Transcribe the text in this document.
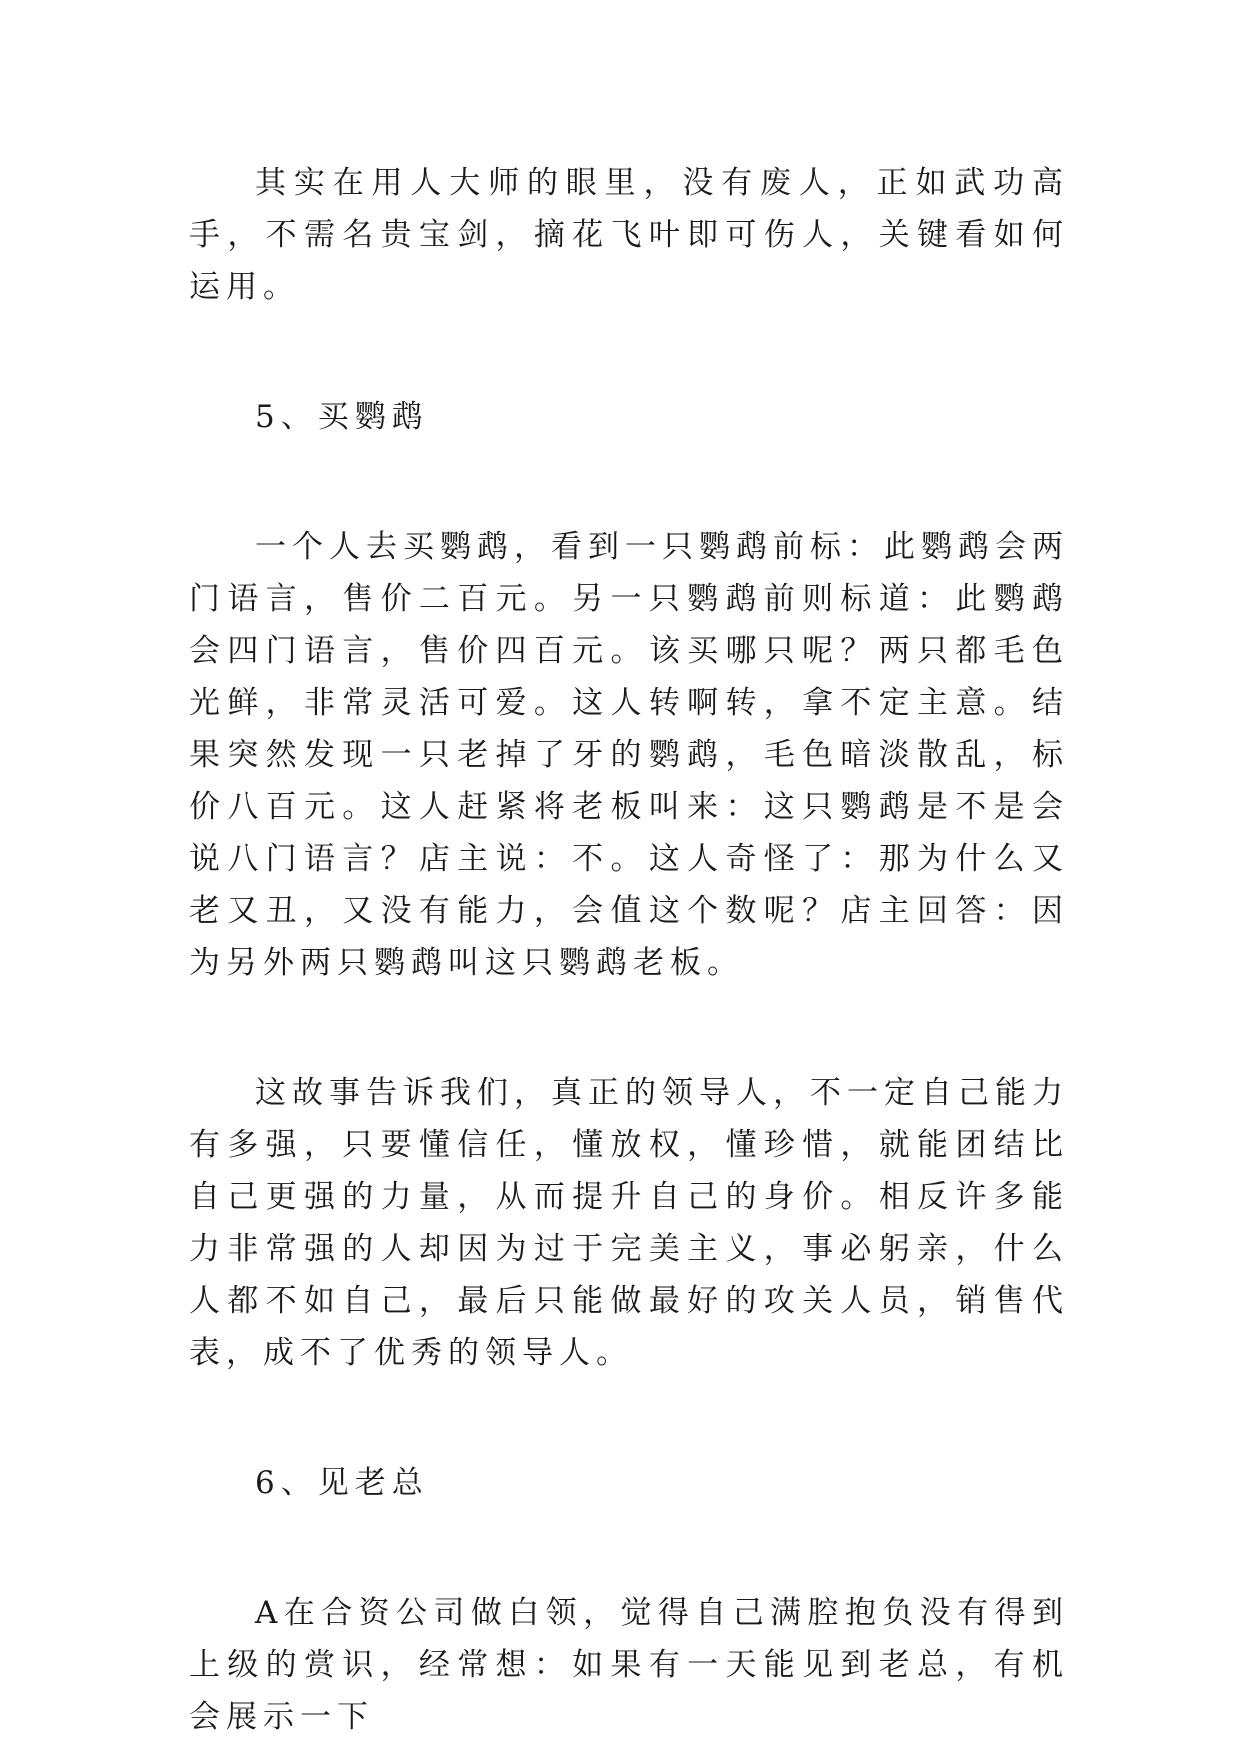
其实在用人大师的眼里，没有废人，正如武功高手，不需名贵宝剑，摘花飞叶即可伤人，关键看如何运用。

5、买鹦鹉

一个人去买鹦鹉，看到一只鹦鹉前标：此鹦鹉会两门语言，售价二百元。另一只鹦鹉前则标道：此鹦鹉会四门语言，售价四百元。该买哪只呢？两只都毛色光鲜，非常灵活可爱。这人转啊转，拿不定主意。结果突然发现一只老掉了牙的鹦鹉，毛色暗淡散乱，标价八百元。这人赶紧将老板叫来：这只鹦鹉是不是会说八门语言？店主说：不。这人奇怪了：那为什么又老又丑，又没有能力，会值这个数呢？店主回答：因为另外两只鹦鹉叫这只鹦鹉老板。

这故事告诉我们，真正的领导人，不一定自己能力有多强，只要懂信任，懂放权，懂珍惜，就能团结比自己更强的力量，从而提升自己的身价。相反许多能力非常强的人却因为过于完美主义，事必躬亲，什么人都不如自己，最后只能做最好的攻关人员，销售代表，成不了优秀的领导人。

6、见老总

A在合资公司做白领，觉得自己满腔抱负没有得到上级的赏识，经常想：如果有一天能见到老总，有机会展示一下
